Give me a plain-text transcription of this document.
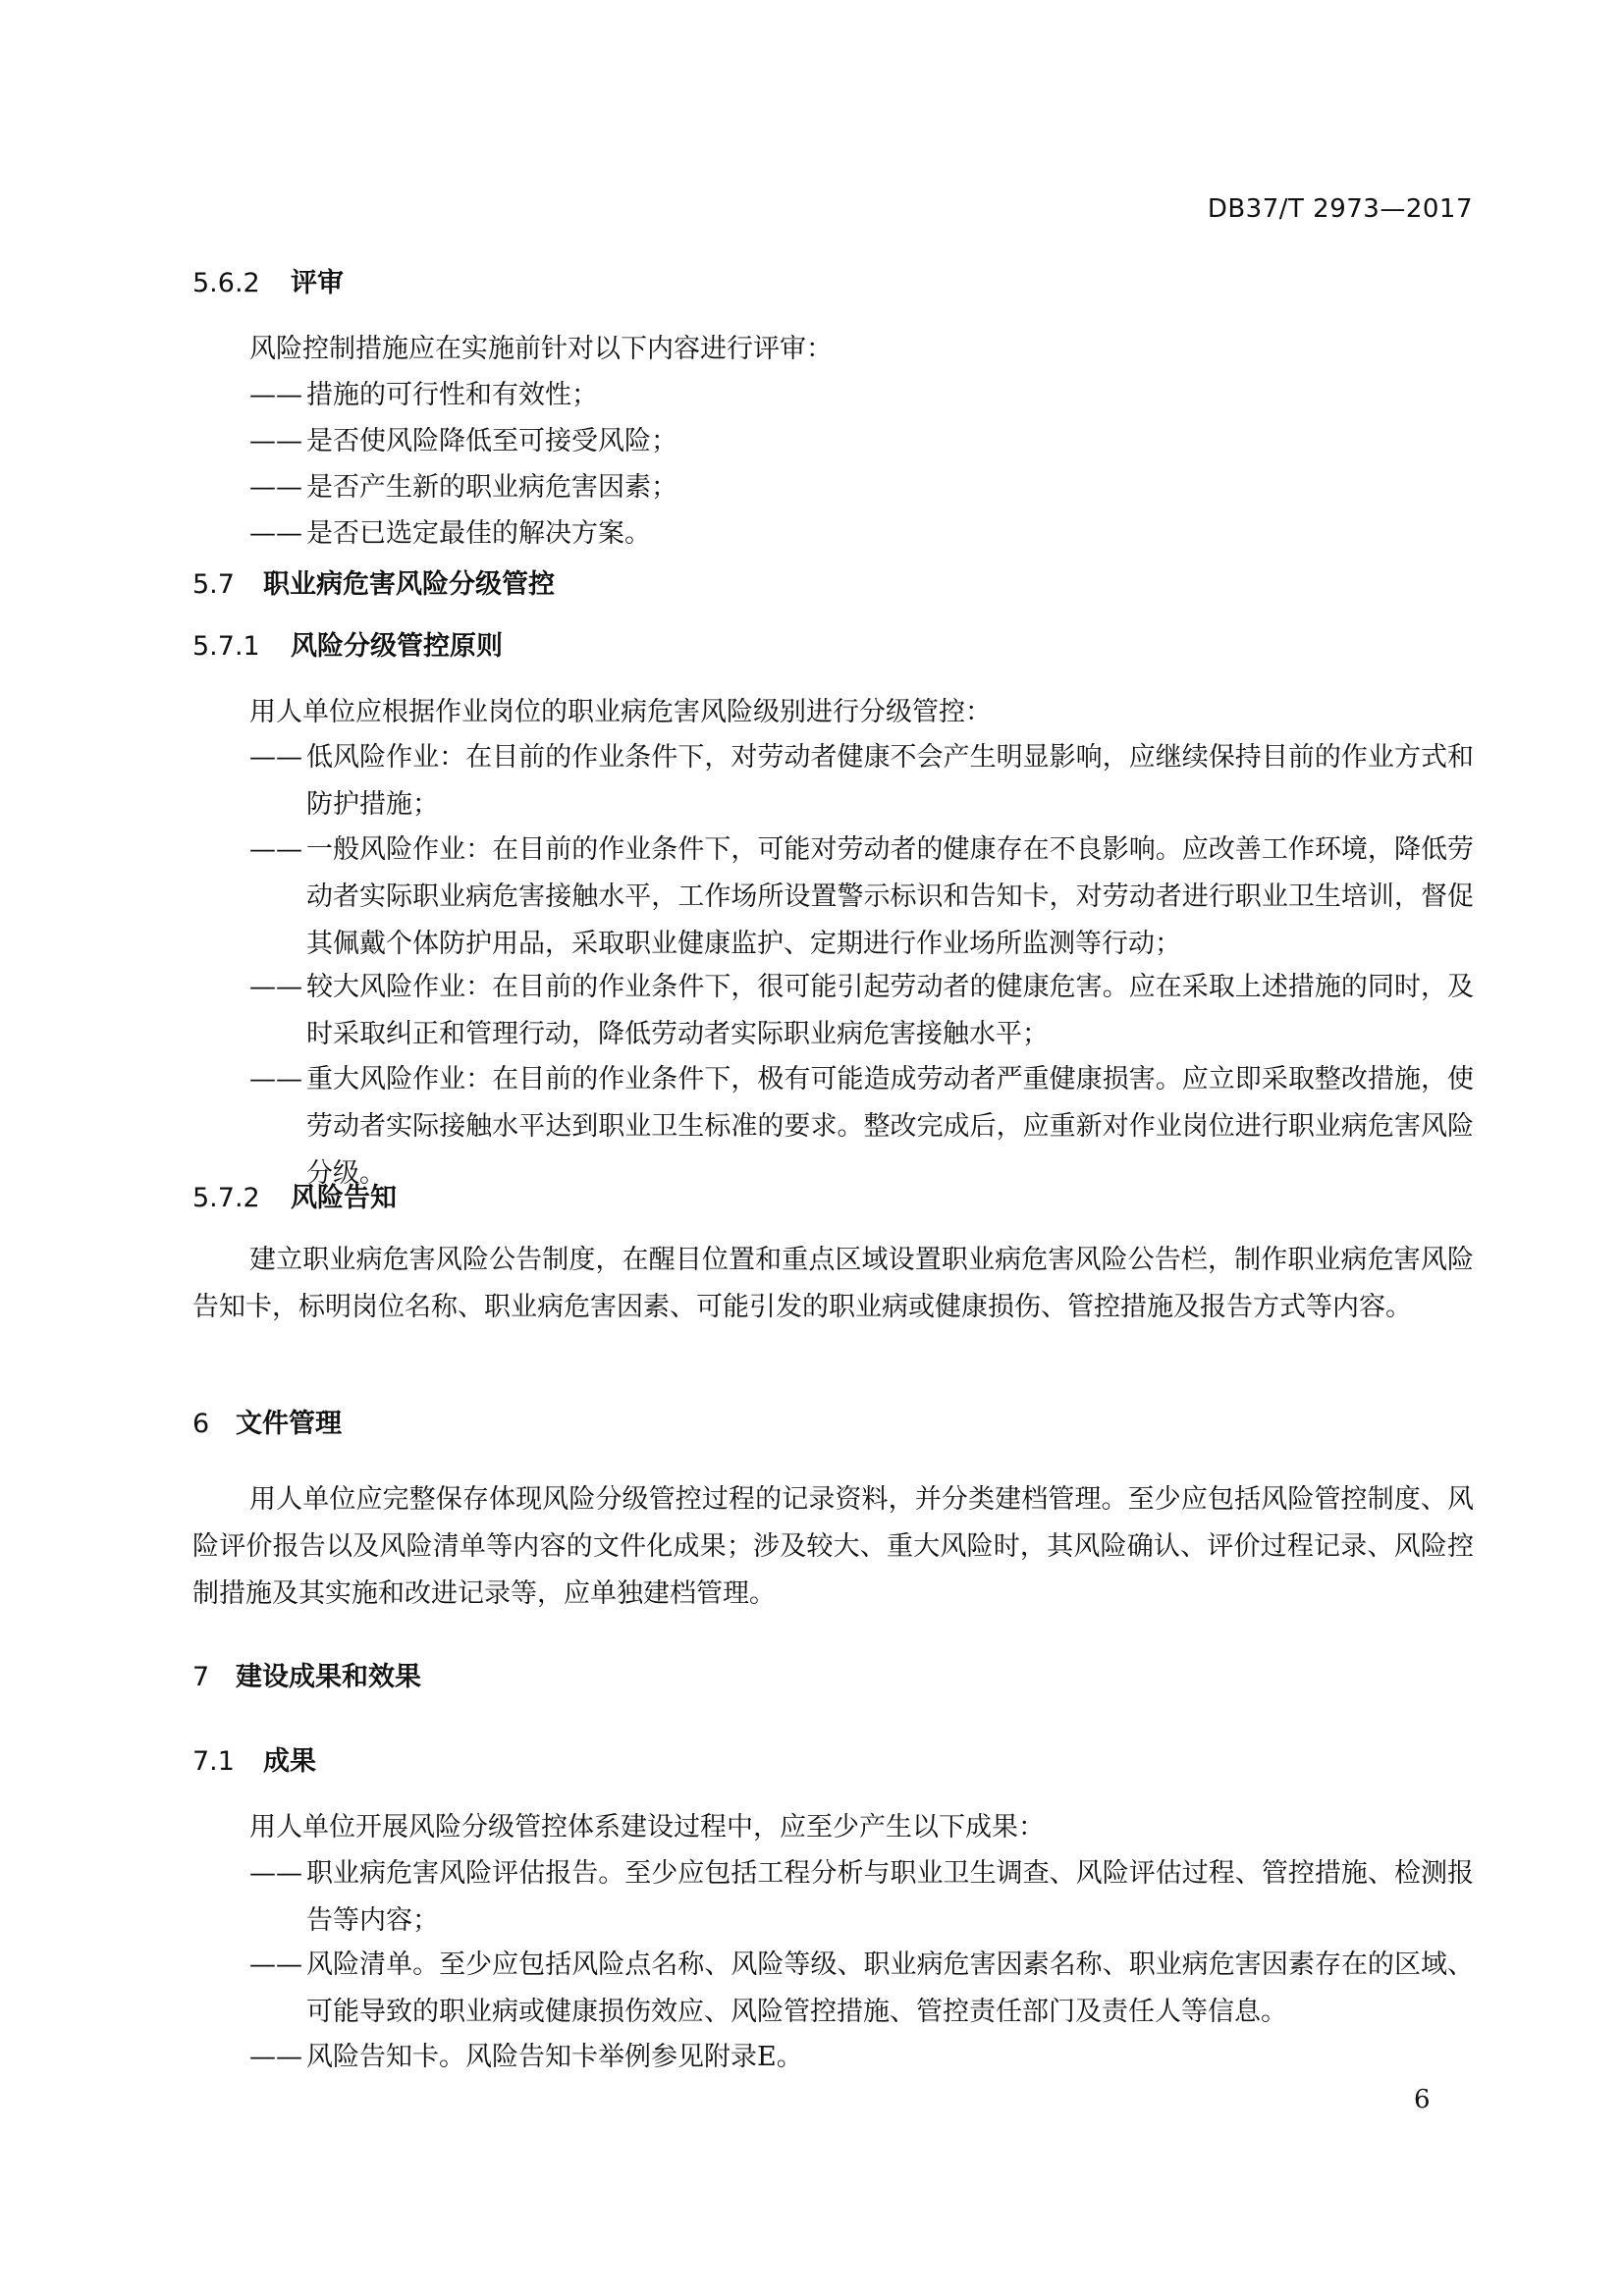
DB37/T 2973—2017
5.6.2 评审
风险控制措施应在实施前针对以下内容进行评审：
—— 措施的可行性和有效性；
—— 是否使风险降低至可接受风险；
—— 是否产生新的职业病危害因素；
—— 是否已选定最佳的解决方案。
5.7 职业病危害风险分级管控
5.7.1 风险分级管控原则
用人单位应根据作业岗位的职业病危害风险级别进行分级管控：
—— 低风险作业：在目前的作业条件下，对劳动者健康不会产生明显影响，应继续保持目前的作业方式和防护措施；
—— 一般风险作业：在目前的作业条件下，可能对劳动者的健康存在不良影响。应改善工作环境，降低劳动者实际职业病危害接触水平，工作场所设置警示标识和告知卡，对劳动者进行职业卫生培训，督促其佩戴个体防护用品，采取职业健康监护、定期进行作业场所监测等行动；
—— 较大风险作业：在目前的作业条件下，很可能引起劳动者的健康危害。应在采取上述措施的同时，及时采取纠正和管理行动，降低劳动者实际职业病危害接触水平；
—— 重大风险作业：在目前的作业条件下，极有可能造成劳动者严重健康损害。应立即采取整改措施，使劳动者实际接触水平达到职业卫生标准的要求。整改完成后，应重新对作业岗位进行职业病危害风险分级。
5.7.2 风险告知
建立职业病危害风险公告制度，在醒目位置和重点区域设置职业病危害风险公告栏，制作职业病危害风险告知卡，标明岗位名称、职业病危害因素、可能引发的职业病或健康损伤、管控措施及报告方式等内容。
6 文件管理
用人单位应完整保存体现风险分级管控过程的记录资料，并分类建档管理。至少应包括风险管控制度、风险评价报告以及风险清单等内容的文件化成果；涉及较大、重大风险时，其风险确认、评价过程记录、风险控制措施及其实施和改进记录等，应单独建档管理。
7 建设成果和效果
7.1 成果
用人单位开展风险分级管控体系建设过程中，应至少产生以下成果：
—— 职业病危害风险评估报告。至少应包括工程分析与职业卫生调查、风险评估过程、管控措施、检测报告等内容；
—— 风险清单。至少应包括风险点名称、风险等级、职业病危害因素名称、职业病危害因素存在的区域、可能导致的职业病或健康损伤效应、风险管控措施、管控责任部门及责任人等信息。
—— 风险告知卡。风险告知卡举例参见附录E。
6
